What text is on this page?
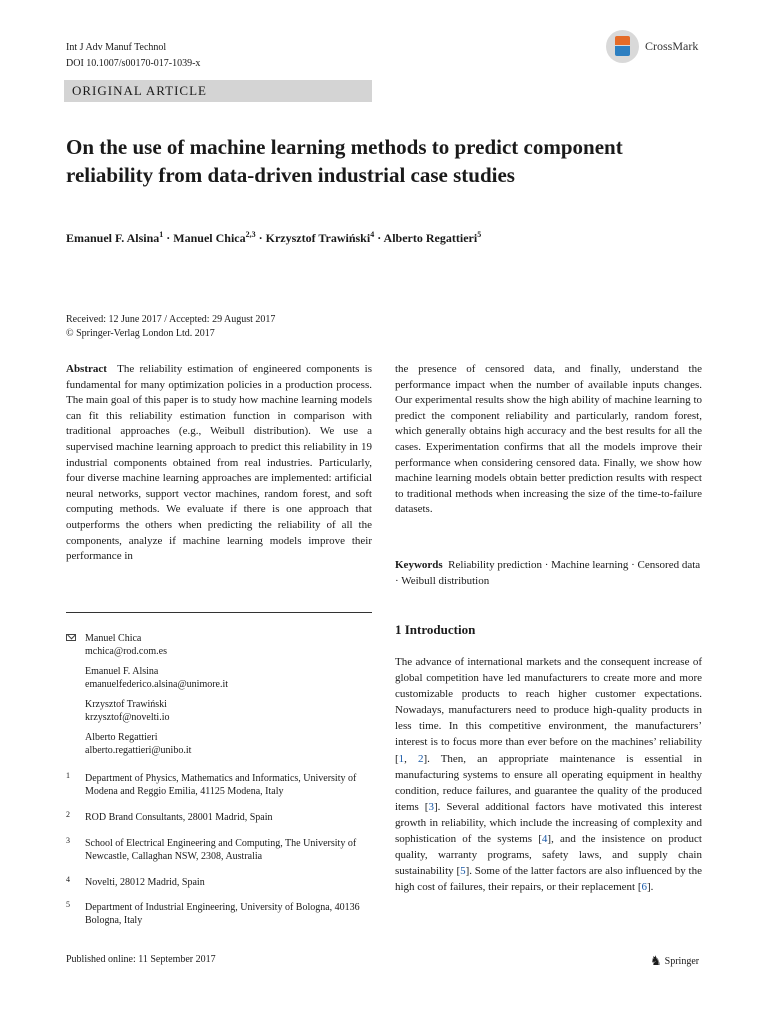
Int J Adv Manuf Technol
DOI 10.1007/s00170-017-1039-x
CrossMark
ORIGINAL ARTICLE
On the use of machine learning methods to predict component reliability from data-driven industrial case studies
Emanuel F. Alsina$^1$ · Manuel Chica$^{2,3}$ · Krzysztof Trawiński$^4$ · Alberto Regattieri$^5$
Received: 12 June 2017 / Accepted: 29 August 2017
© Springer-Verlag London Ltd. 2017
Abstract The reliability estimation of engineered components is fundamental for many optimization policies in a production process. The main goal of this paper is to study how machine learning models can fit this reliability estimation function in comparison with traditional approaches (e.g., Weibull distribution). We use a supervised machine learning approach to predict this reliability in 19 industrial components obtained from real industries. Particularly, four diverse machine learning approaches are implemented: artificial neural networks, support vector machines, random forest, and soft computing methods. We evaluate if there is one approach that outperforms the others when predicting the reliability of all the components, analyze if machine learning models improve their performance in
the presence of censored data, and finally, understand the performance impact when the number of available inputs changes. Our experimental results show the high ability of machine learning to predict the component reliability and particularly, random forest, which generally obtains high accuracy and the best results for all the cases. Experimentation confirms that all the models improve their performance when considering censored data. Finally, we show how machine learning models obtain better prediction results with respect to traditional methods when increasing the size of the time-to-failure datasets.
Keywords Reliability prediction · Machine learning · Censored data · Weibull distribution
Manuel Chica
mchica@rod.com.es
Emanuel F. Alsina
emanuelfederico.alsina@unimore.it
Krzysztof Trawiński
krzysztof@novelti.io
Alberto Regattieri
alberto.regattieri@unibo.it
1 Department of Physics, Mathematics and Informatics, University of Modena and Reggio Emilia, 41125 Modena, Italy
2 ROD Brand Consultants, 28001 Madrid, Spain
3 School of Electrical Engineering and Computing, The University of Newcastle, Callaghan NSW, 2308, Australia
4 Novelti, 28012 Madrid, Spain
5 Department of Industrial Engineering, University of Bologna, 40136 Bologna, Italy
1 Introduction
The advance of international markets and the consequent increase of global competition have led manufacturers to create more and more customizable products to reach higher customer expectations. Nowadays, manufacturers need to produce high-quality products in less time. In this competitive environment, the manufacturers’ interest is to focus more than ever before on the machines’ reliability [1, 2]. Then, an appropriate maintenance is essential in manufacturing systems to ensure all operating equipment in healthy condition, reduce failures, and guarantee the quality of the produced items [3]. Several additional factors have motivated this interest growth in reliability, which include the increasing of complexity and sophistication of the systems [4], and the insistence on product quality, warranty programs, safety laws, and supply chain sustainability [5]. Some of the latter factors are also influenced by the high cost of failures, their repairs, or their replacement [6].
Published online: 11 September 2017	♞ Springer
